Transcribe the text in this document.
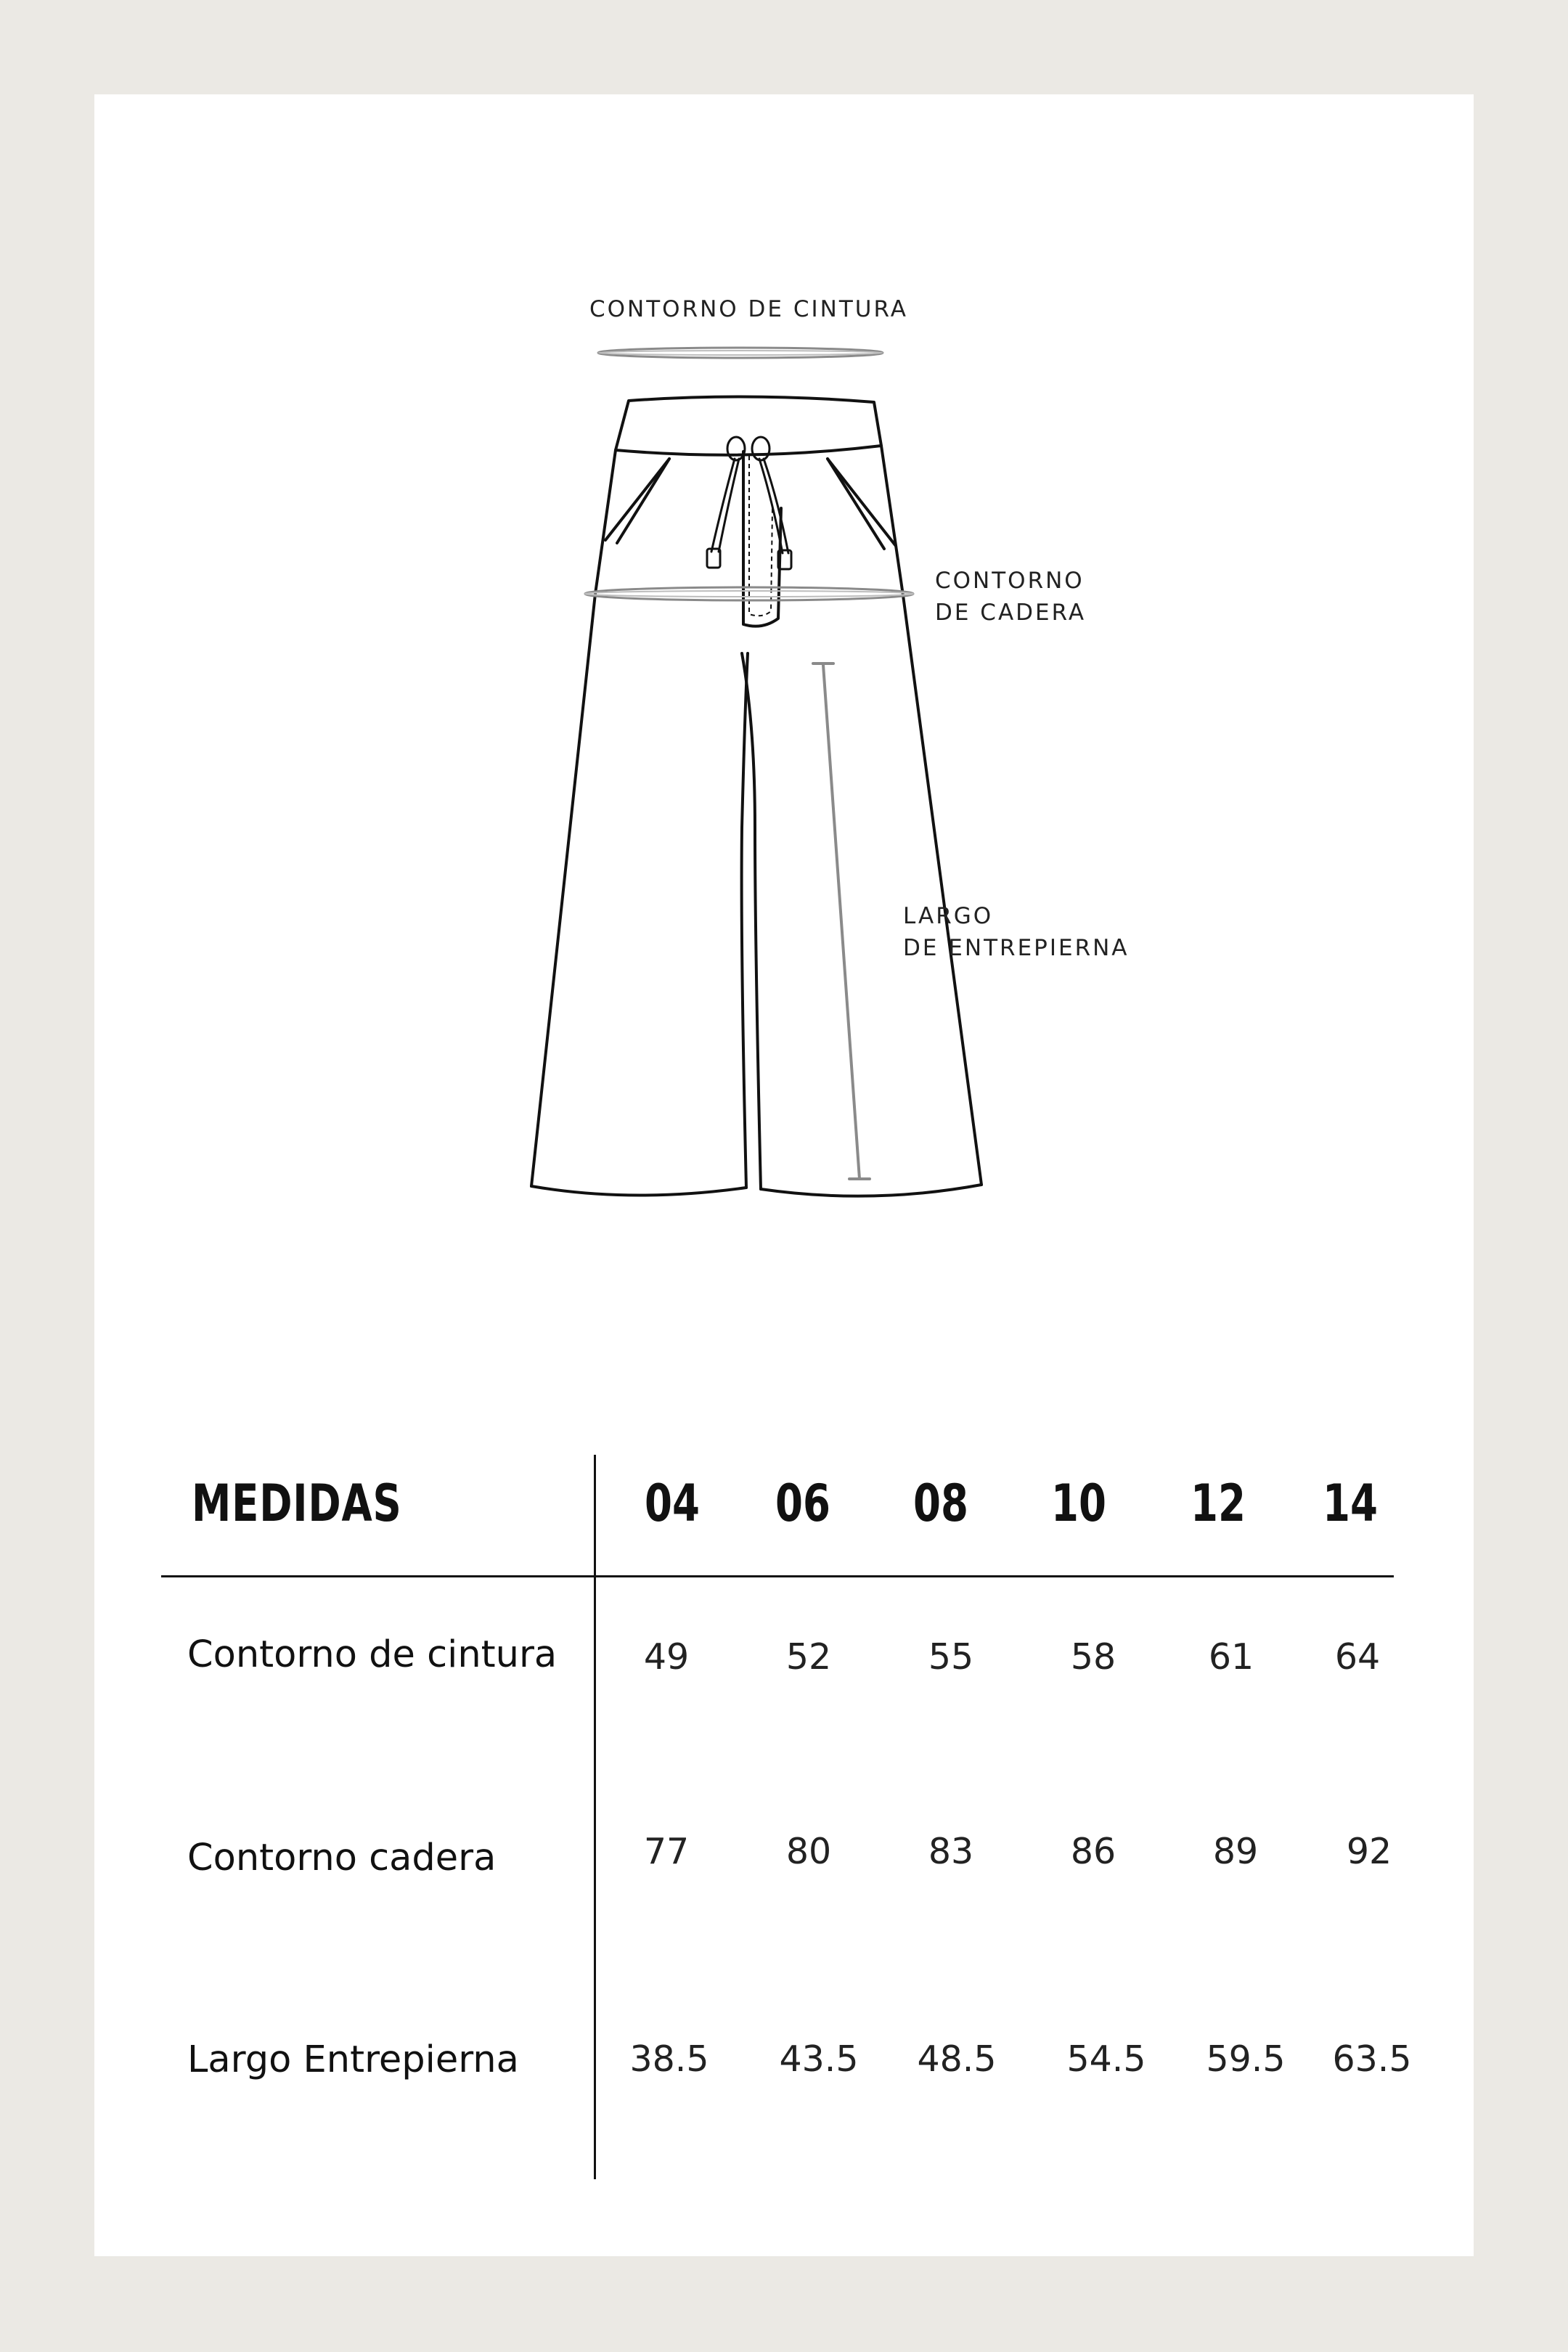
CONTORNO DE CINTURA
CONTORNO
DE CADERA
LARGO
DE ENTREPIERNA
MEDIDAS	04	06	08	10	12	14
Contorno de cintura	49	52	55	58	61	64
Contorno cadera	77	80	83	86	89	92
Largo Entrepierna	38.5	43.5	48.5	54.5	59.5	63.5
